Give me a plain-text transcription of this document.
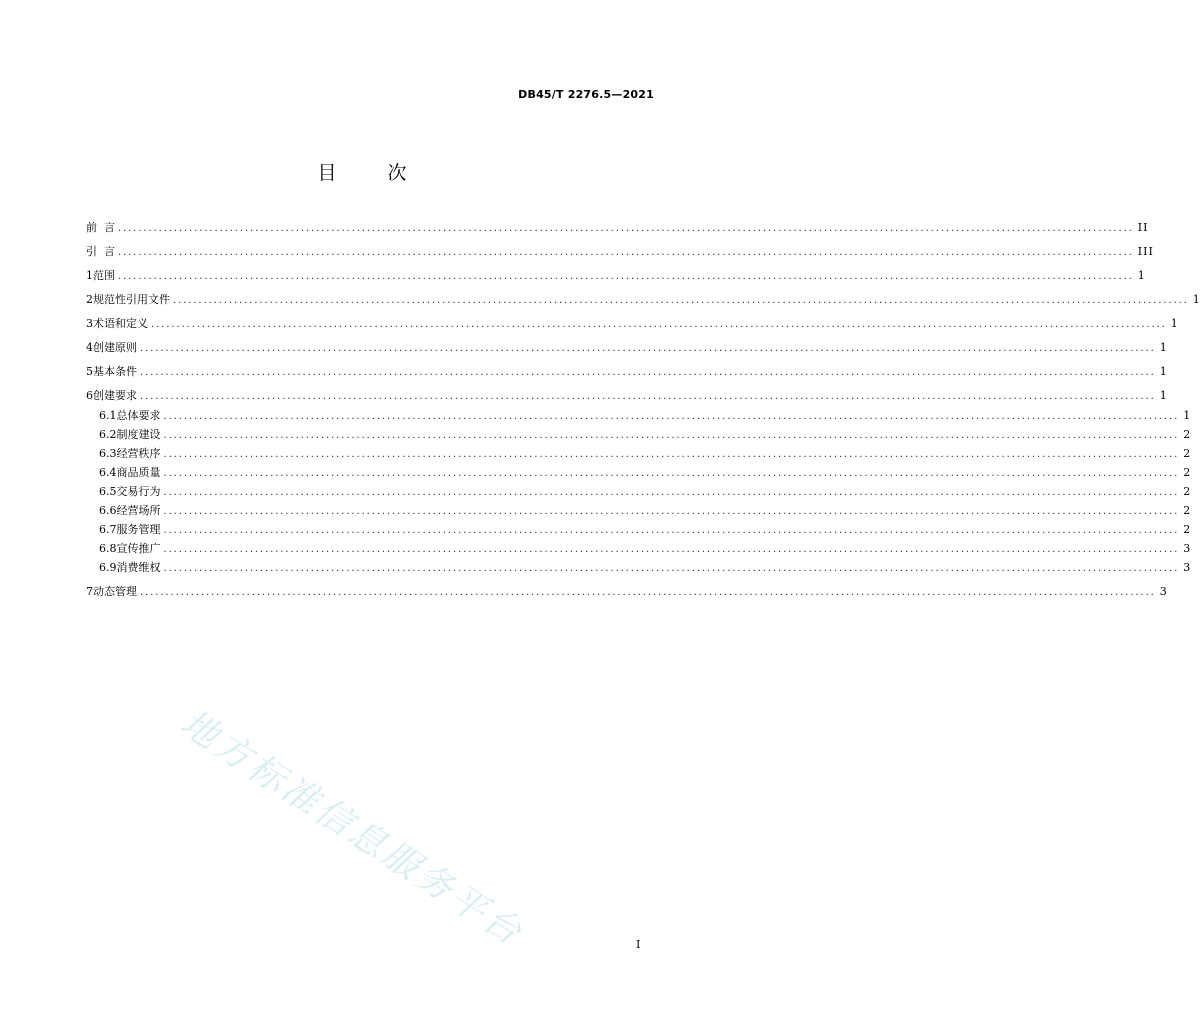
DB45/T 2276.5—2021
目　次
前  言 ........................................................................................................................................................................................................ II
引  言 ........................................................................................................................................................................................................ III
1 范围 ........................................................................................................................................................................................................ 1
2 规范性引用文件 ........................................................................................................................................................................................................ 1
3 术语和定义 ........................................................................................................................................................................................................ 1
4 创建原则 ........................................................................................................................................................................................................ 1
5 基本条件 ........................................................................................................................................................................................................ 1
6 创建要求 ........................................................................................................................................................................................................ 1
6.1 总体要求 ........................................................................................................................................................................................................ 1
6.2 制度建设 ........................................................................................................................................................................................................ 2
6.3 经营秩序 ........................................................................................................................................................................................................ 2
6.4 商品质量 ........................................................................................................................................................................................................ 2
6.5 交易行为 ........................................................................................................................................................................................................ 2
6.6 经营场所 ........................................................................................................................................................................................................ 2
6.7 服务管理 ........................................................................................................................................................................................................ 2
6.8 宣传推广 ........................................................................................................................................................................................................ 3
6.9 消费维权 ........................................................................................................................................................................................................ 3
7 动态管理 ........................................................................................................................................................................................................ 3
地方标准信息服务平台	I
